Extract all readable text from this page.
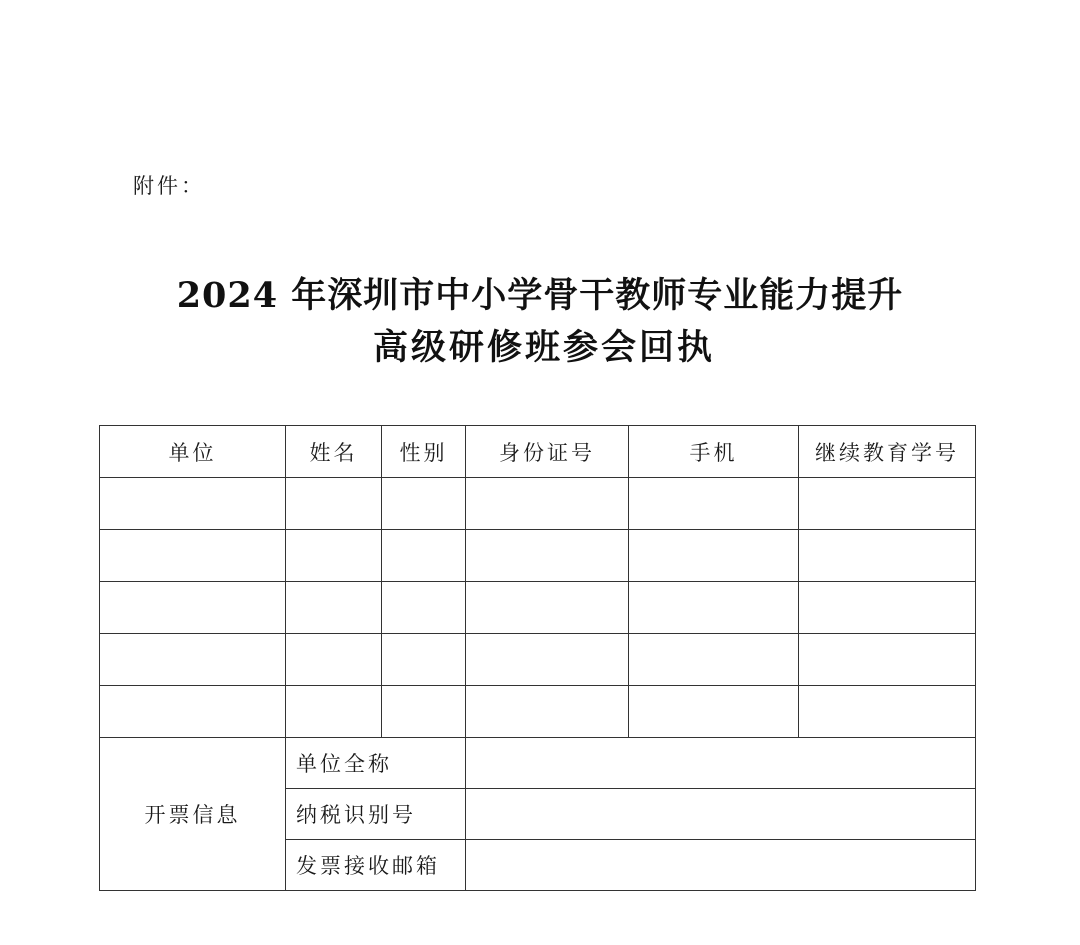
附件：
2024 年深圳市中小学骨干教师专业能力提升
高级研修班参会回执
单位	姓名	性别	身份证号	手机	继续教育学号

开票信息	单位全称				
	纳税识别号				
	发票接收邮箱				
